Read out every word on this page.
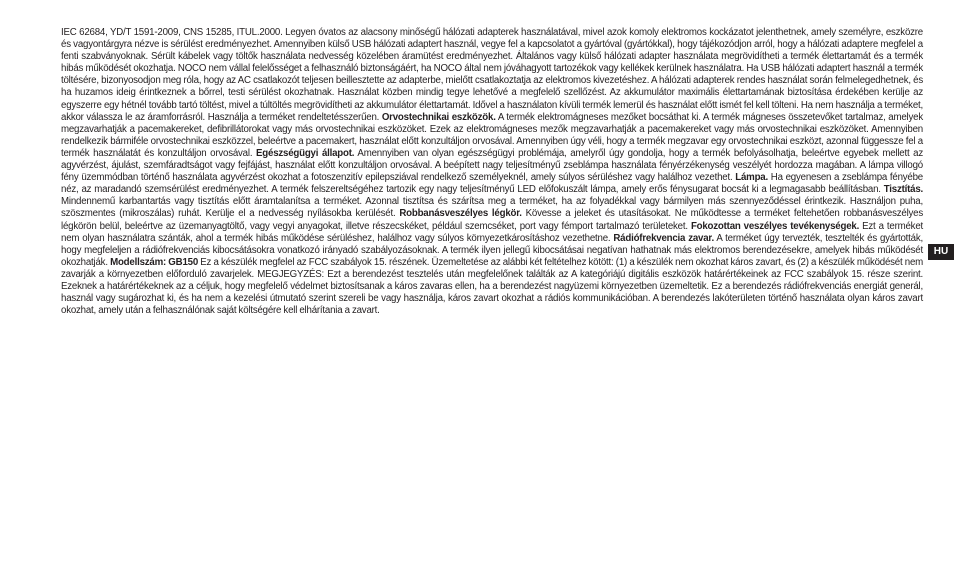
IEC 62684, YD/T 1591-2009, CNS 15285, ITUL.2000. Legyen óvatos az alacsony minőségű hálózati adapterek használatával, mivel azok komoly elektromos kockázatot jelenthetnek, amely személyre, eszközre és vagyontárgyra nézve is sérülést eredményezhet. Amennyiben külső USB hálózati adaptert használ, vegye fel a kapcsolatot a gyártóval (gyártókkal), hogy tájékozódjon arról, hogy a hálózati adaptere megfelel a fenti szabványoknak. Sérült kábelek vagy töltők használata nedvesség közelében áramütést eredményezhet. Általános vagy külső hálózati adapter használata megrövidítheti a termék élettartamát és a termék hibás működését okozhatja. NOCO nem vállal felelősséget a felhasználó biztonságáért, ha NOCO által nem jóváhagyott tartozékok vagy kellékek kerülnek használatra. Ha USB hálózati adaptert használ a termék töltésére, bizonyosodjon meg róla, hogy az AC csatlakozót teljesen beillesztette az adapterbe, mielőtt csatlakoztatja az elektromos kivezetéshez. A hálózati adapterek rendes használat során felmelegedhetnek, és ha huzamos ideig érintkeznek a bőrrel, testi sérülést okozhatnak. Használat közben mindig tegye lehetővé a megfelelő szellőzést. Az akkumulátor maximális élettartamának biztosítása érdekében kerülje az egyszerre egy hétnél tovább tartó töltést, mivel a túltöltés megrövidítheti az akkumulátor élettartamát. Idővel a használaton kívüli termék lemerül és használat előtt ismét fel kell tölteni. Ha nem használja a terméket, akkor válassza le az áramforrásról. Használja a terméket rendeltetésszerűen. Orvostechnikai eszközök. A termék elektromágneses mezőket bocsáthat ki. A termék mágneses összetevőket tartalmaz, amelyek megzavarhatják a pacemakereket, defibrillátorokat vagy más orvostechnikai eszközöket. Ezek az elektromágneses mezők megzavarhatják a pacemakereket vagy más orvostechnikai eszközöket. Amennyiben rendelkezik bármiféle orvostechnikai eszközzel, beleértve a pacemakert, használat előtt konzultáljon orvosával. Amennyiben úgy véli, hogy a termék megzavar egy orvostechnikai eszközt, azonnal függessze fel a termék használatát és konzultáljon orvosával. Egészségügyi állapot. Amennyiben van olyan egészségügyi problémája, amelyről úgy gondolja, hogy a termék befolyásolhatja, beleértve egyebek mellett az agyvérzést, ájulást, szemfáradtságot vagy fejfájást, használat előtt konzultáljon orvosával. A beépített nagy teljesítményű zseblámpa használata fényérzékenység veszélyét hordozza magában. A lámpa villogó fény üzemmódban történő használata agyvérzést okozhat a fotoszenzitív epilepsziával rendelkező személyeknél, amely súlyos sérüléshez vagy halálhoz vezethet. Lámpa. Ha egyenesen a zseblámpa fényébe néz, az maradandó szemsérülést eredményezhet. A termék felszereltségéhez tartozik egy nagy teljesítményű LED előfokuszált lámpa, amely erős fénysugarat bocsát ki a legmagasabb beállításban. Tisztítás. Mindennemű karbantartás vagy tisztítás előtt áramtalanítsa a terméket. Azonnal tisztítsa és szárítsa meg a terméket, ha az folyadékkal vagy bármilyen más szennyeződéssel érintkezik. Használjon puha, szöszmentes (mikroszálas) ruhát. Kerülje el a nedvesség nyílásokba kerülését. Robbanásveszélyes légkör. Kövesse a jeleket és utasításokat. Ne működtesse a terméket feltehetően robbanásveszélyes légkörön belül, beleértve az üzemanyagtöltő, vagy vegyi anyagokat, illetve részecskéket, például szemcséket, port vagy fémport tartalmazó területeket. Fokozottan veszélyes tevékenységek. Ezt a terméket nem olyan használatra szánták, ahol a termék hibás működése sérüléshez, halálhoz vagy súlyos környezetkárosításhoz vezethetne. Rádiófrekvencia zavar. A terméket úgy tervezték, tesztelték és gyártották, hogy megfeleljen a rádiófrekvenciás kibocsátásokra vonatkozó irányadó szabályozásoknak. A termék ilyen jellegű kibocsátásai negatívan hathatnak más elektromos berendezésekre, amelyek hibás működését okozhatják. Modellszám: GB150 Ez a készülék megfelel az FCC szabályok 15. részének. Üzemeltetése az alábbi két feltételhez kötött: (1) a készülék nem okozhat káros zavart, és (2) a készülék működését nem zavarják a környezetben előforduló zavarjelek. MEGJEGYZÉS: Ezt a berendezést tesztelés után megfelelőnek találták az A kategóriájú digitális eszközök határértékeinek az FCC szabályok 15. része szerint. Ezeknek a határértékeknek az a céljuk, hogy megfelelő védelmet biztosítsanak a káros zavaras ellen, ha a berendezést nagyüzemi környezetben üzemeltetik. Ez a berendezés rádiófrekvenciás energiát generál, használ vagy sugározhat ki, és ha nem a kezelési útmutató szerint szereli be vagy használja, káros zavart okozhat a rádiós kommunikációban. A berendezés lakóterületen történő használata olyan káros zavart okozhat, amely után a felhasználónak saját költségére kell elhárítania a zavart.
HU
